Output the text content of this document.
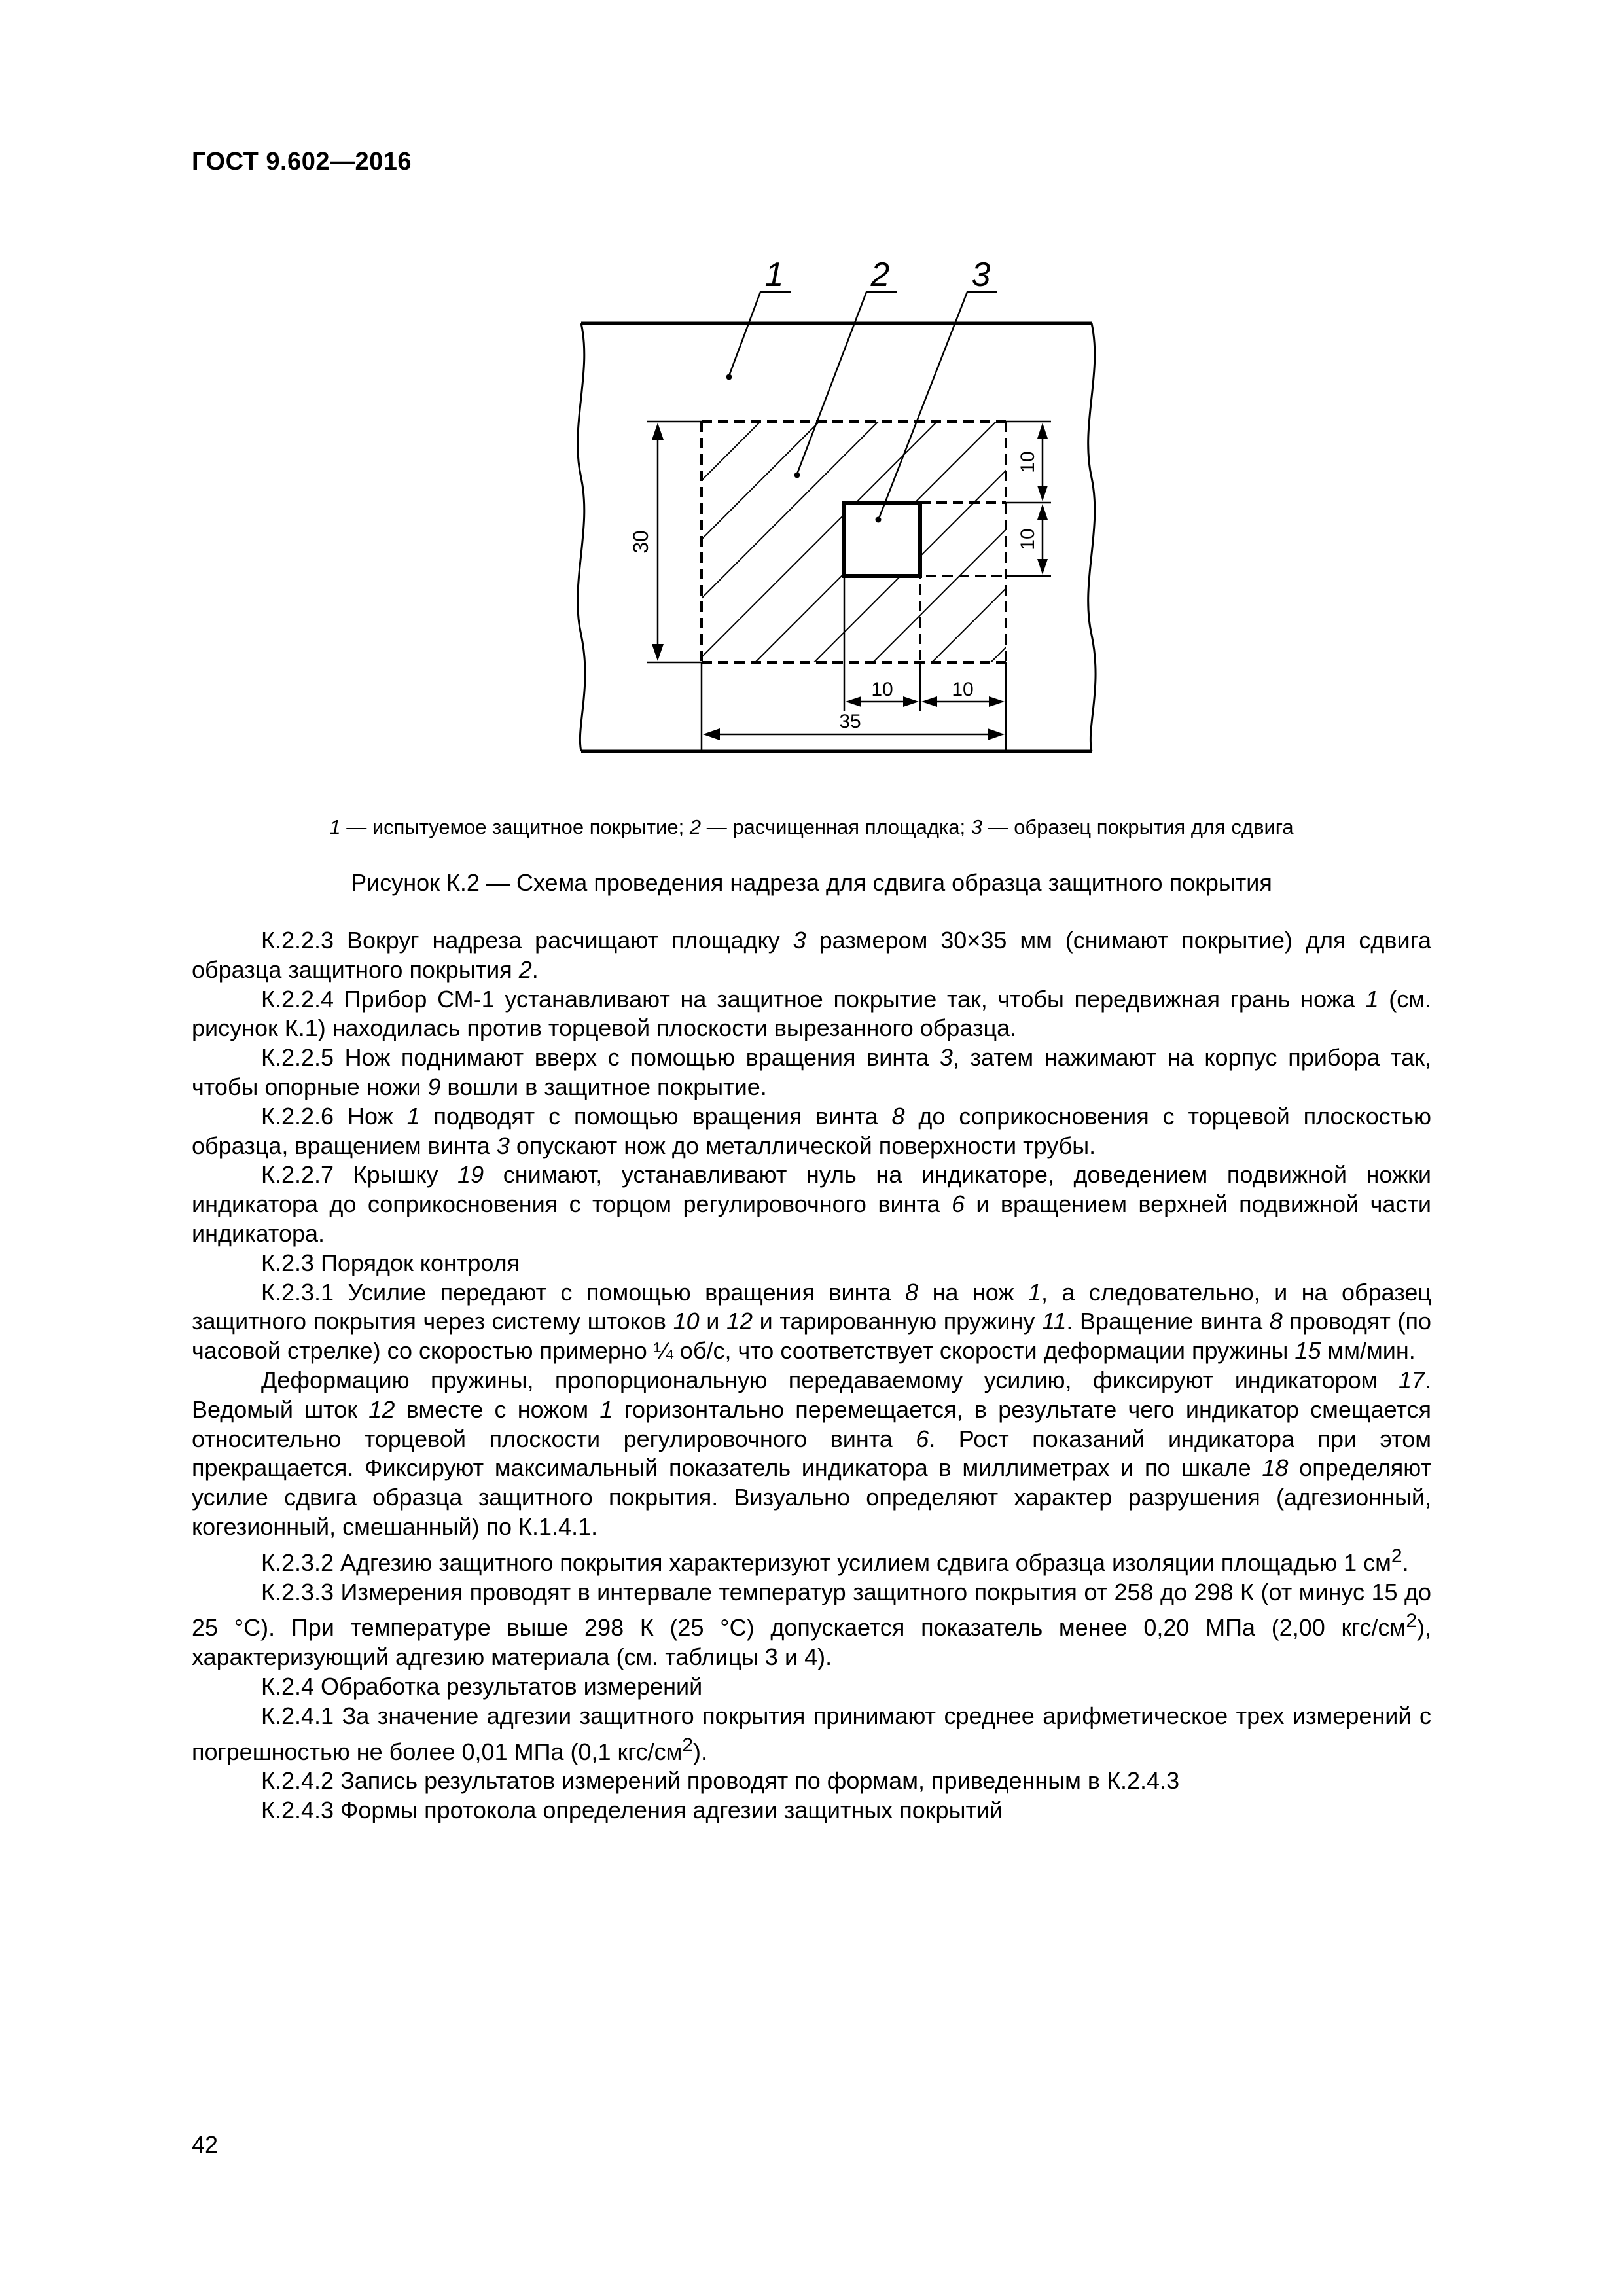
ГОСТ 9.602—2016
30
10
10
10	10
35
1	2 3
1 — испытуемое защитное покрытие; 2 — расчищенная площадка; 3 — образец покрытия для сдвига
Рисунок К.2 — Схема проведения надреза для сдвига образца защитного покрытия

К.2.2.3 Вокруг надреза расчищают площадку 3 размером 30×35 мм (снимают покрытие) для сдвига образца защитного покрытия 2.

К.2.2.4 Прибор СМ-1 устанавливают на защитное покрытие так, чтобы передвижная грань ножа 1 (см. рисунок К.1) находилась против торцевой плоскости вырезанного образца.

К.2.2.5 Нож поднимают вверх с помощью вращения винта 3, затем нажимают на корпус прибора так, чтобы опорные ножи 9 вошли в защитное покрытие.

К.2.2.6 Нож 1 подводят с помощью вращения винта 8 до соприкосновения с торцевой плоскостью образца, вращением винта 3 опускают нож до металлической поверхности трубы.

К.2.2.7 Крышку 19 снимают, устанавливают нуль на индикаторе, доведением подвижной ножки индикатора до соприкосновения с торцом регулировочного винта 6 и вращением верхней подвижной части индикатора.

К.2.3 Порядок контроля

К.2.3.1 Усилие передают с помощью вращения винта 8 на нож 1, а следовательно, и на образец защитного покрытия через систему штоков 10 и 12 и тарированную пружину 11. Вращение винта 8 проводят (по часовой стрелке) со скоростью примерно ¼ об/с, что соответствует скорости деформации пружины 15 мм/мин.

Деформацию пружины, пропорциональную передаваемому усилию, фиксируют индикатором 17. Ведомый шток 12 вместе с ножом 1 горизонтально перемещается, в результате чего индикатор смещается относительно торцевой плоскости регулировочного винта 6. Рост показаний индикатора при этом прекращается. Фиксируют максимальный показатель индикатора в миллиметрах и по шкале 18 определяют усилие сдвига образца защитного покрытия. Визуально определяют характер разрушения (адгезионный, когезионный, смешанный) по К.1.4.1.

К.2.3.2 Адгезию защитного покрытия характеризуют усилием сдвига образца изоляции площадью 1 $см^2$.

К.2.3.3 Измерения проводят в интервале температур защитного покрытия от 258 до 298 К (от минус 15 до 25 °С). При температуре выше 298 К (25 °С) допускается показатель менее 0,20 МПа (2,00 кгс/$см^2$), характеризующий адгезию материала (см. таблицы 3 и 4).

К.2.4 Обработка результатов измерений

К.2.4.1 За значение адгезии защитного покрытия принимают среднее арифметическое трех измерений с погрешностью не более 0,01 МПа (0,1 кгс/$см^2$).

К.2.4.2 Запись результатов измерений проводят по формам, приведенным в К.2.4.3

К.2.4.3 Формы протокола определения адгезии защитных покрытий

42
